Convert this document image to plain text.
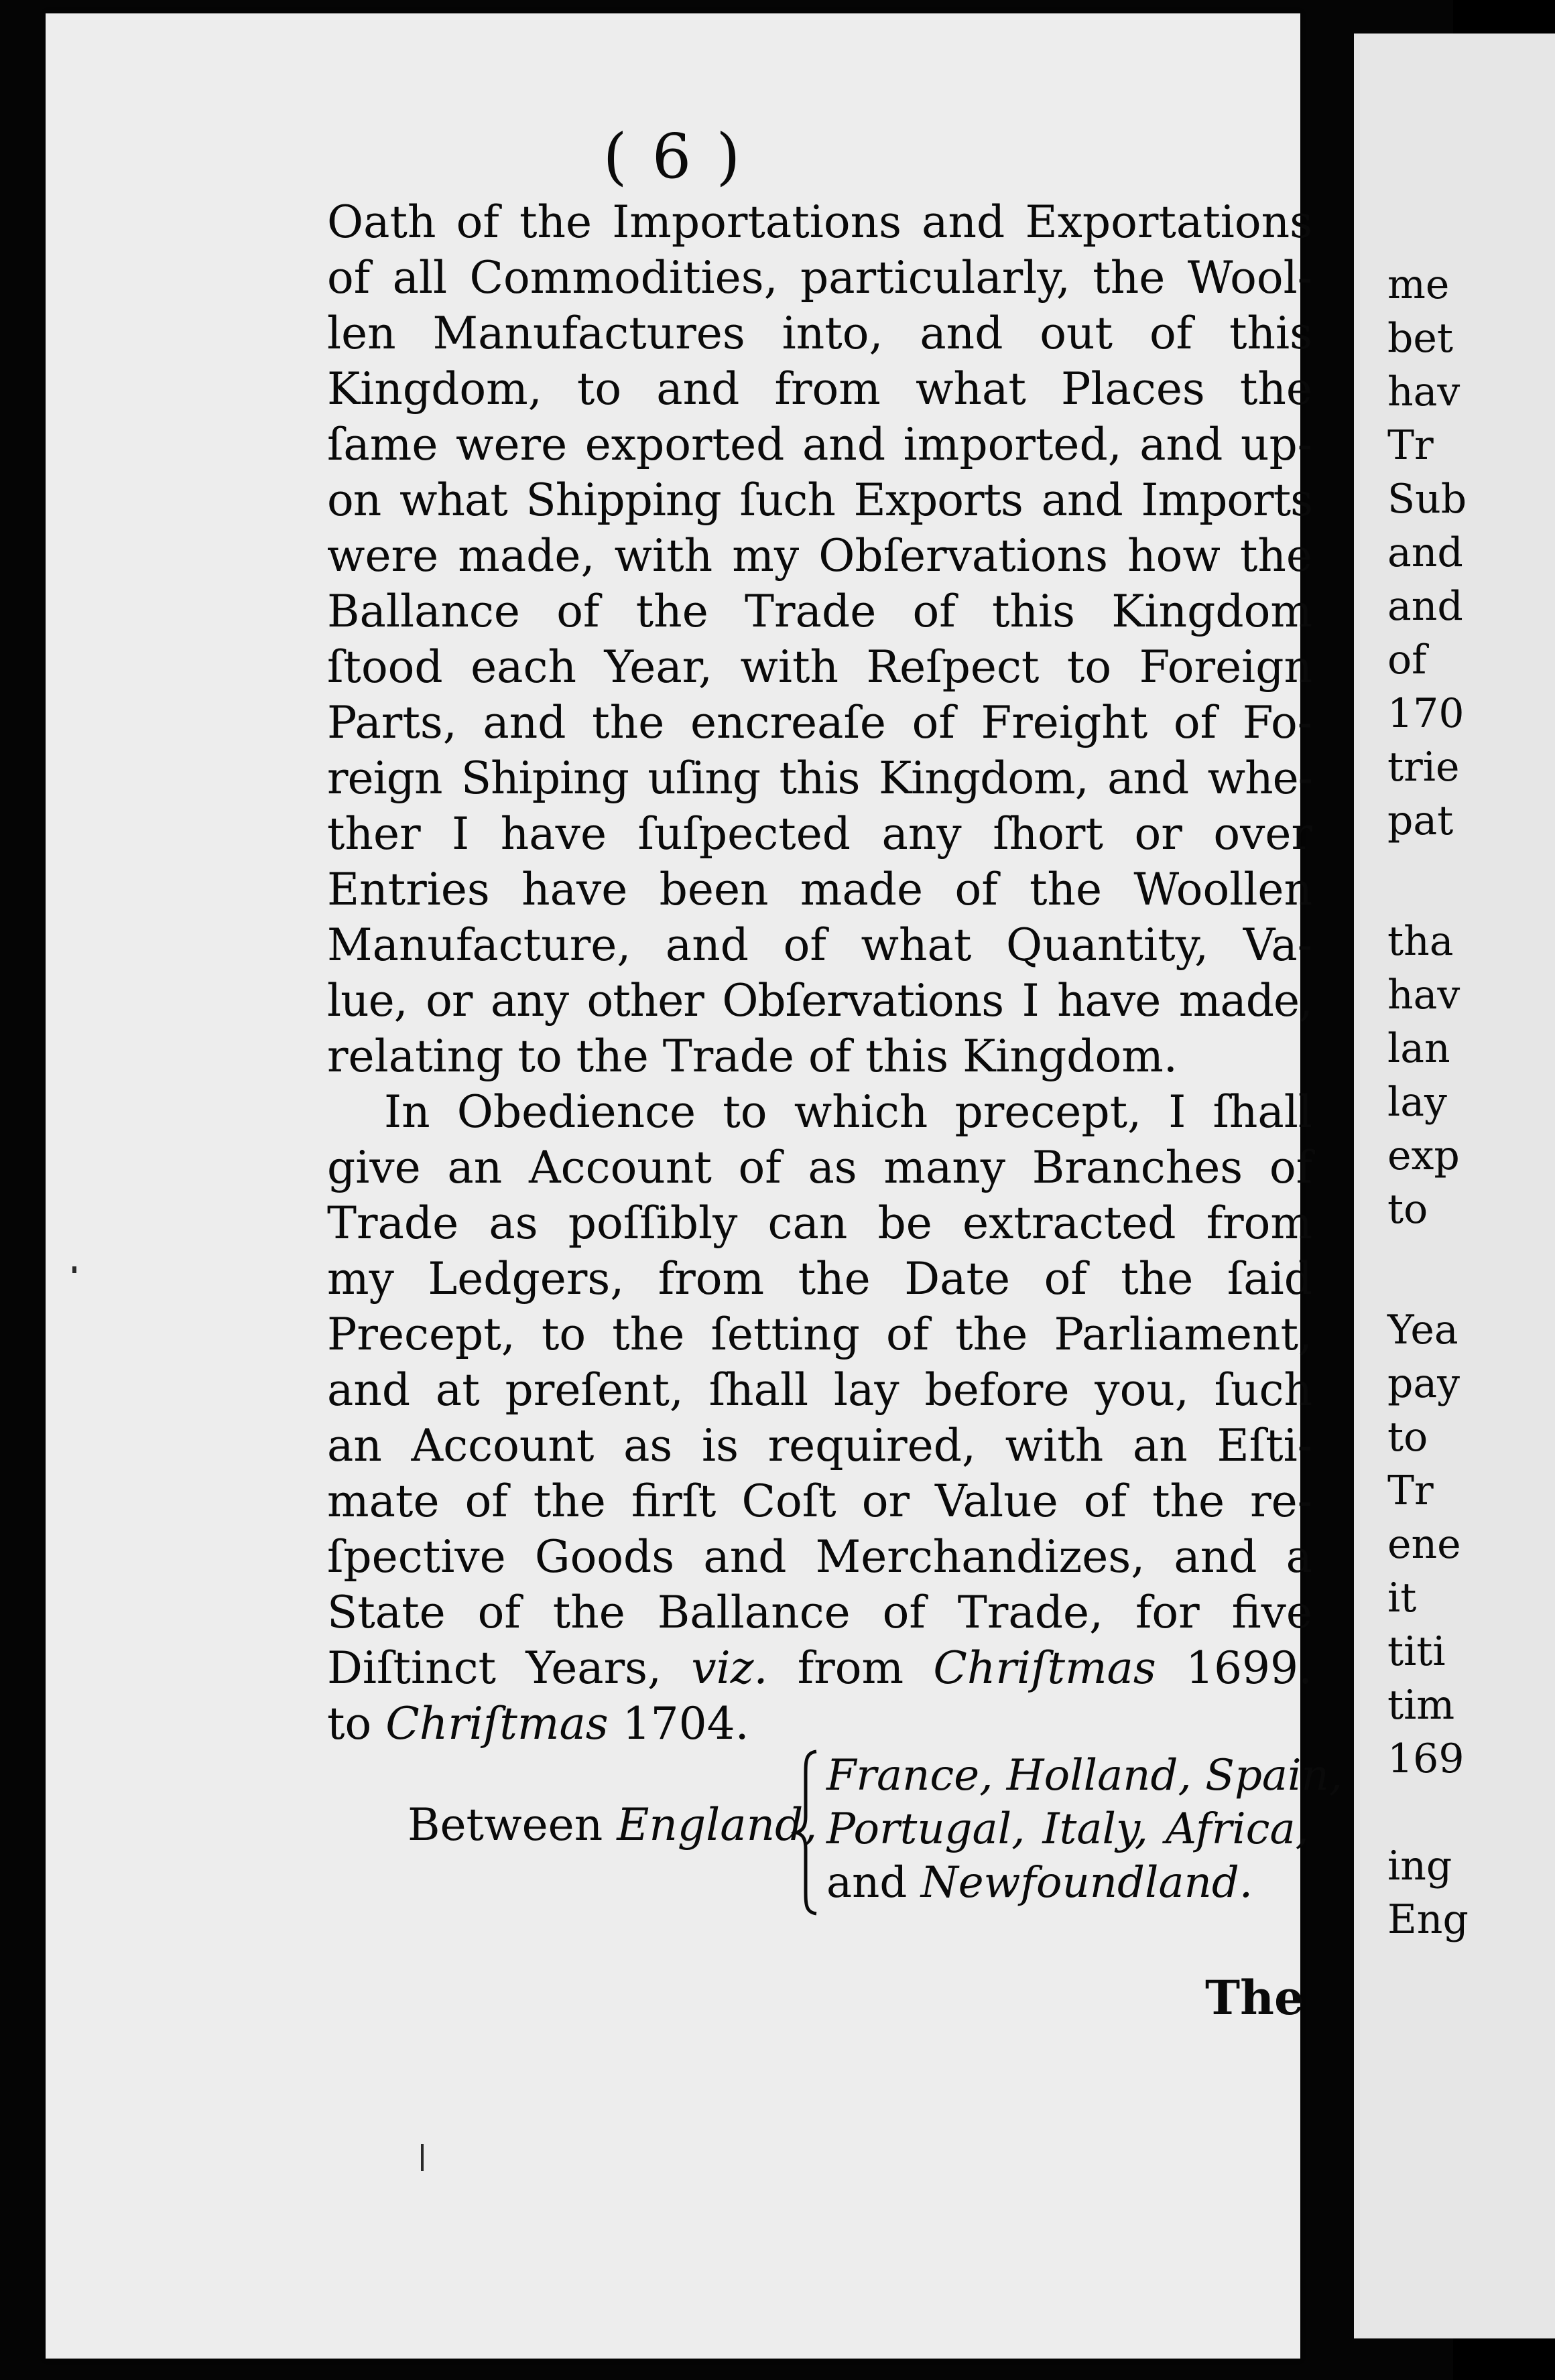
( 6 )
Oath of the Importations and Exportations
of all Commodities, particularly, the Wool-
len Manufactures into, and out of this
Kingdom, to and from what Places the
ſame were exported and imported, and up-
on what Shipping ſuch Exports and Imports
were made, with my Obſervations how the
Ballance of the Trade of this Kingdom
ſtood each Year, with Reſpect to Foreign
Parts, and the encreaſe of Freight of Fo-
reign Shiping uſing this Kingdom, and whe-
ther I have ſuſpected any ſhort or over
Entries have been made of the Woollen
Manufacture, and of what Quantity, Va-
lue, or any other Obſervations I have made,
relating to the Trade of this Kingdom.
In Obedience to which precept, I ſhall
give an Account of as many Branches of
Trade as poſſibly can be extracted from
my Ledgers, from the Date of the ſaid
Precept, to the ſetting of the Parliament,
and at preſent, ſhall lay before you, ſuch
an Account as is required, with an Eſti-
mate of the firſt Coſt or Value of the re-
ſpective Goods and Merchandizes, and a
State of the Ballance of Trade, for five
Diſtinct Years, viz. from Chriſtmas 1699.
to Chriſtmas 1704.
Between England,
France, Holland, Spain,
Portugal, Italy, Africa,
and Newfoundland.
The
me
bet
hav
Tr
Sub
and
and
of
170
trie
pat
tha
hav
lan
lay
exp
to
Yea
pay
to
Tr
ene
it
titi
tim
169
ing
Eng
